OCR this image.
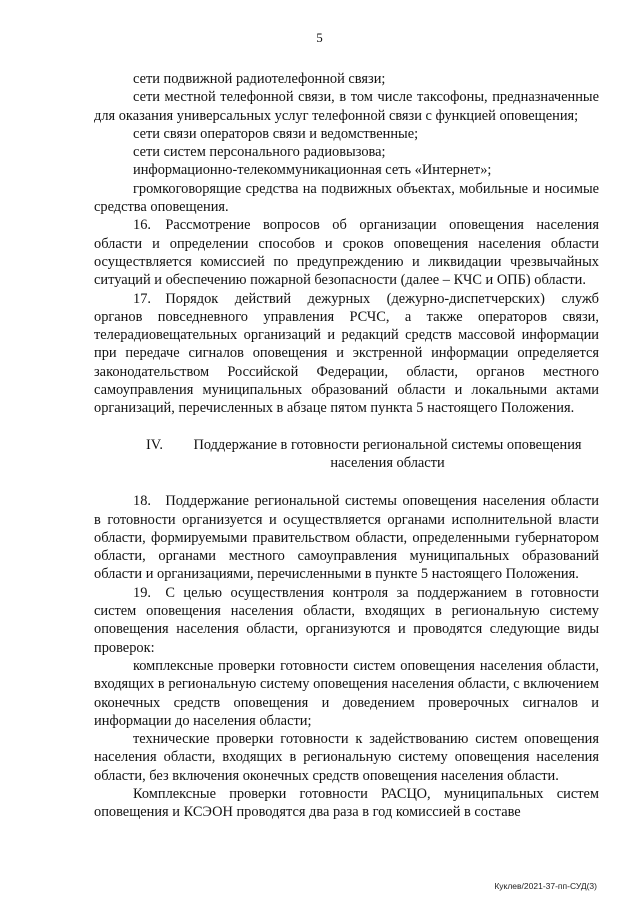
5

сети подвижной радиотелефонной связи;

сети местной телефонной связи, в том числе таксофоны, предназначенные для оказания универсальных услуг телефонной связи с функцией оповещения;

сети связи операторов связи и ведомственные;

сети систем персонального радиовызова;

информационно-телекоммуникационная сеть «Интернет»;

громкоговорящие средства на подвижных объектах, мобильные и носимые средства оповещения.

16. Рассмотрение вопросов об организации оповещения населения области и определении способов и сроков оповещения населения области осуществляется комиссией по предупреждению и ликвидации чрезвычайных ситуаций и обеспечению пожарной безопасности (далее – КЧС и ОПБ) области.

17. Порядок действий дежурных (дежурно-диспетчерских) служб органов повседневного управления РСЧС, а также операторов связи, телерадиовещательных организаций и редакций средств массовой информации при передаче сигналов оповещения и экстренной информации определяется законодательством Российской Федерации, области, органов местного самоуправления муниципальных образований области и локальными актами организаций, перечисленных в абзаце пятом пункта 5 настоящего Положения.

IV.	Поддержание в готовности региональной системы оповещения населения области

18. Поддержание региональной системы оповещения населения области в готовности организуется и осуществляется органами исполнительной власти области, формируемыми правительством области, определенными губернатором области, органами местного самоуправления муниципальных образований области и организациями, перечисленными в пункте 5 настоящего Положения.

19. С целью осуществления контроля за поддержанием в готовности систем оповещения населения области, входящих в региональную систему оповещения населения области, организуются и проводятся следующие виды проверок:

комплексные проверки готовности систем оповещения населения области, входящих в региональную систему оповещения населения области, с включением оконечных средств оповещения и доведением проверочных сигналов и информации до населения области;

технические проверки готовности к задействованию систем оповещения населения области, входящих в региональную систему оповещения населения области, без включения оконечных средств оповещения населения области.

Комплексные проверки готовности РАСЦО, муниципальных систем оповещения и КСЭОН проводятся два раза в год комиссией в составе

Куклев/2021-37-пп-СУД(3)
